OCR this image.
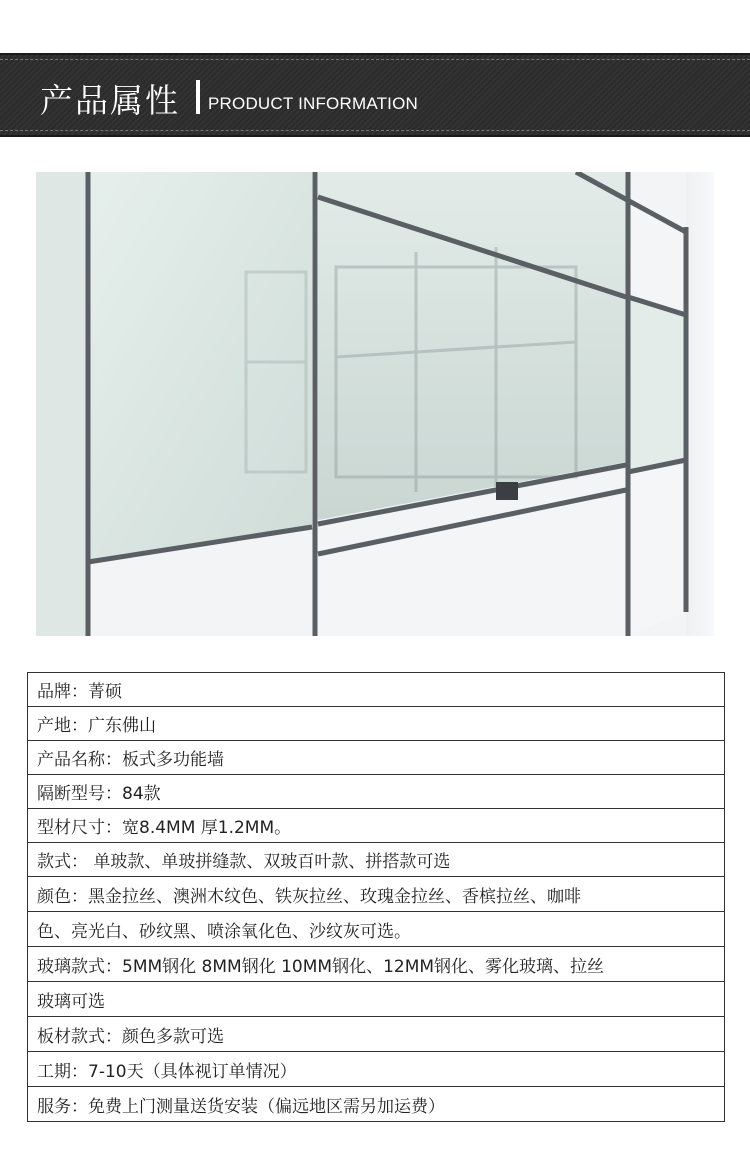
产品属性 PRODUCT INFORMATION
品牌：菁硕
产地：广东佛山
产品名称：板式多功能墙
隔断型号：84款
型材尺寸：宽8.4MM 厚1.2MM。
款式： 单玻款、单玻拼缝款、双玻百叶款、拼搭款可选
颜色：黑金拉丝、澳洲木纹色、铁灰拉丝、玫瑰金拉丝、香槟拉丝、咖啡
色、亮光白、砂纹黑、喷涂氧化色、沙纹灰可选。
玻璃款式：5MM钢化 8MM钢化 10MM钢化、12MM钢化、雾化玻璃、拉丝
玻璃可选
板材款式：颜色多款可选
工期：7-10天（具体视订单情况）
服务：免费上门测量送货安装（偏远地区需另加运费）
